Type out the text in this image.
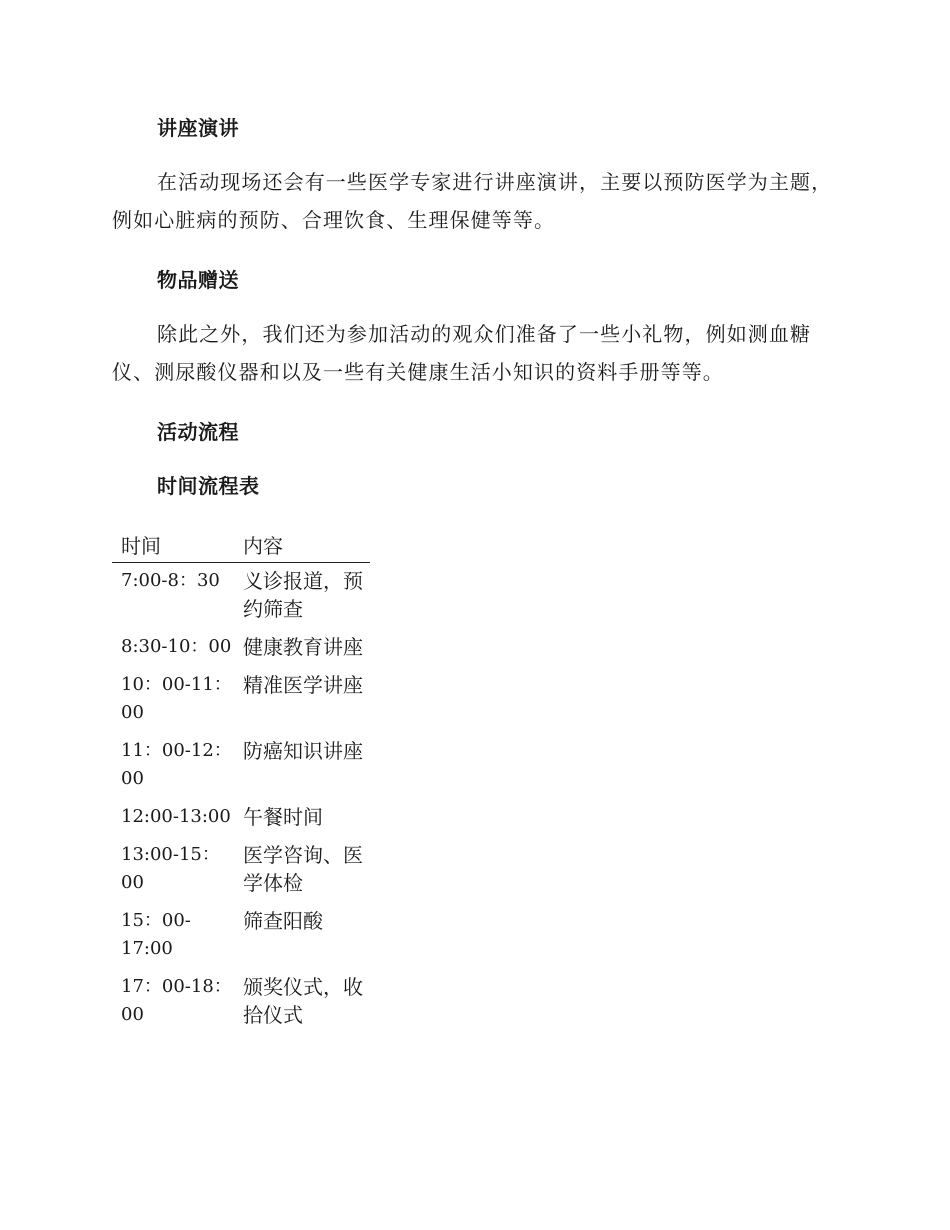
讲座演讲
在活动现场还会有一些医学专家进行讲座演讲，主要以预防医学为主题，例如心脏病的预防、合理饮食、生理保健等等。
物品赠送
除此之外，我们还为参加活动的观众们准备了一些小礼物，例如测血糖仪、测尿酸仪器和以及一些有关健康生活小知识的资料手册等等。
活动流程
时间流程表
时间	内容
7:00-8：30	义诊报道，预约筛查
8:30-10：00 健康教育讲座
10：00-11：00
精准医学讲座
11：00-12：00
防癌知识讲座
12:00-13:00 午餐时间
13:00-15：00
医学咨询、医学体检
15：00-17:00
筛查阳酸
17：00-18：00
颁奖仪式，收拾仪式
